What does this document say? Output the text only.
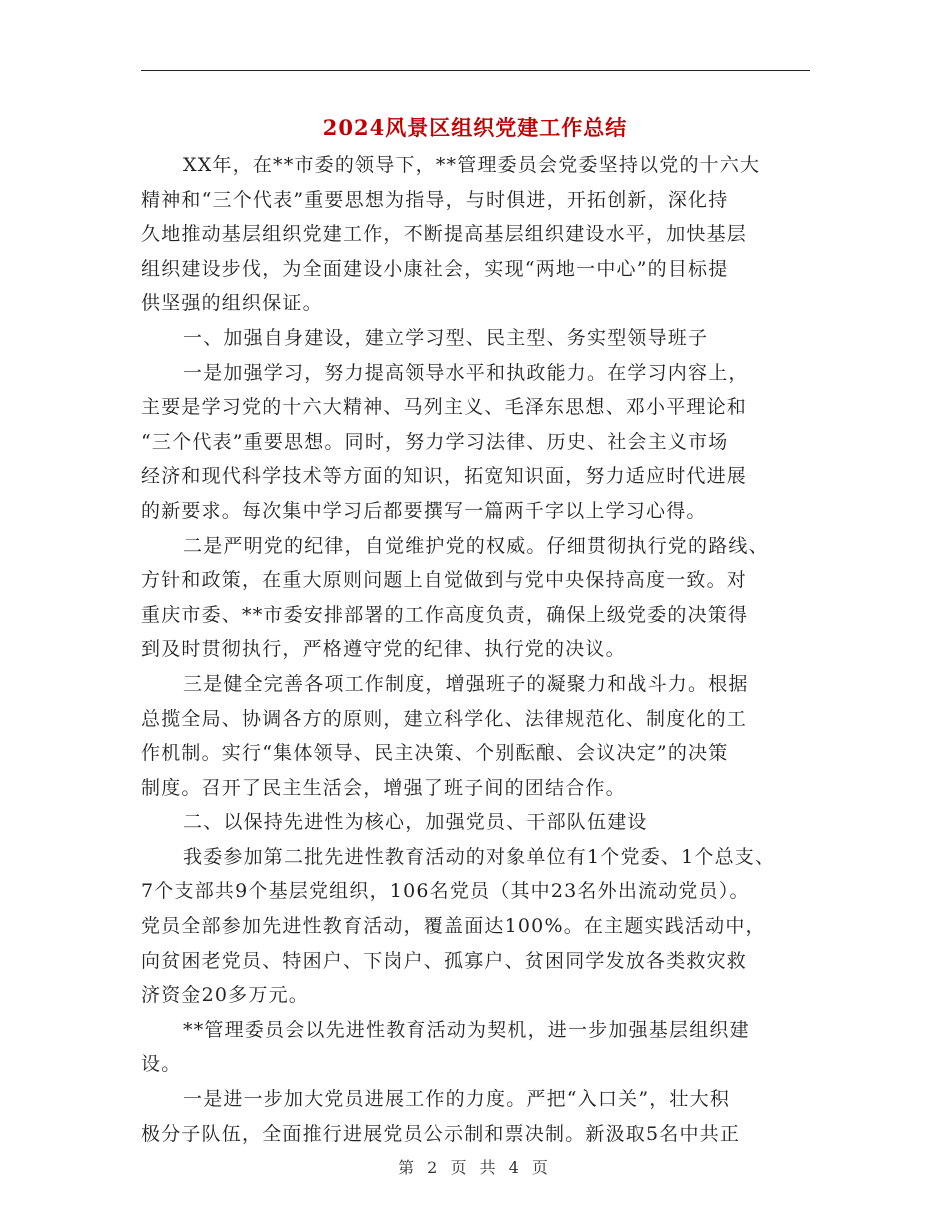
2024风景区组织党建工作总结
XX年，在**市委的领导下，**管理委员会党委坚持以党的十六大
精神和“三个代表”重要思想为指导，与时俱进，开拓创新，深化持
久地推动基层组织党建工作，不断提高基层组织建设水平，加快基层
组织建设步伐，为全面建设小康社会，实现“两地一中心”的目标提
供坚强的组织保证。
一、加强自身建设，建立学习型、民主型、务实型领导班子
一是加强学习，努力提高领导水平和执政能力。在学习内容上，
主要是学习党的十六大精神、马列主义、毛泽东思想、邓小平理论和
“三个代表”重要思想。同时，努力学习法律、历史、社会主义市场
经济和现代科学技术等方面的知识，拓宽知识面，努力适应时代进展
的新要求。每次集中学习后都要撰写一篇两千字以上学习心得。
二是严明党的纪律，自觉维护党的权威。仔细贯彻执行党的路线、
方针和政策，在重大原则问题上自觉做到与党中央保持高度一致。对
重庆市委、**市委安排部署的工作高度负责，确保上级党委的决策得
到及时贯彻执行，严格遵守党的纪律、执行党的决议。
三是健全完善各项工作制度，增强班子的凝聚力和战斗力。根据
总揽全局、协调各方的原则，建立科学化、法律规范化、制度化的工
作机制。实行“集体领导、民主决策、个别酝酿、会议决定”的决策
制度。召开了民主生活会，增强了班子间的团结合作。
二、以保持先进性为核心，加强党员、干部队伍建设
我委参加第二批先进性教育活动的对象单位有1个党委、1个总支、
7个支部共9个基层党组织，106名党员（其中23名外出流动党员）。
党员全部参加先进性教育活动，覆盖面达100%。在主题实践活动中，
向贫困老党员、特困户、下岗户、孤寡户、贫困同学发放各类救灾救
济资金20多万元。
**管理委员会以先进性教育活动为契机，进一步加强基层组织建
设。
一是进一步加大党员进展工作的力度。严把“入口关”，壮大积
极分子队伍，全面推行进展党员公示制和票决制。新汲取5名中共正
第 2 页 共 4 页
